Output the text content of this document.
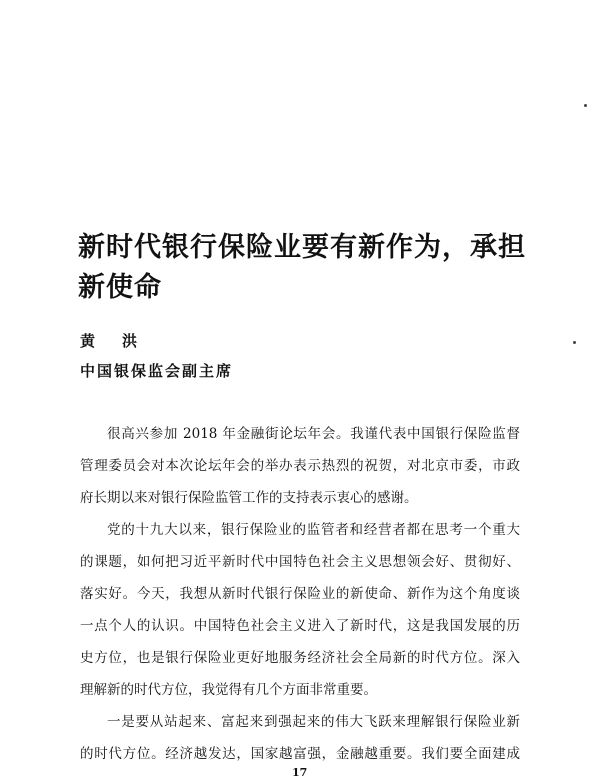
新时代银行保险业要有新作为，承担新使命
黄　洪
中国银保监会副主席
很高兴参加 2018 年金融街论坛年会。我谨代表中国银行保险监督
管理委员会对本次论坛年会的举办表示热烈的祝贺，对北京市委，市政
府长期以来对银行保险监管工作的支持表示衷心的感谢。
党的十九大以来，银行保险业的监管者和经营者都在思考一个重大
的课题，如何把习近平新时代中国特色社会主义思想领会好、贯彻好、
落实好。今天，我想从新时代银行保险业的新使命、新作为这个角度谈
一点个人的认识。中国特色社会主义进入了新时代，这是我国发展的历
史方位，也是银行保险业更好地服务经济社会全局新的时代方位。深入
理解新的时代方位，我觉得有几个方面非常重要。
一是要从站起来、富起来到强起来的伟大飞跃来理解银行保险业新
的时代方位。经济越发达，国家越富强，金融越重要。我们要全面建成
17
